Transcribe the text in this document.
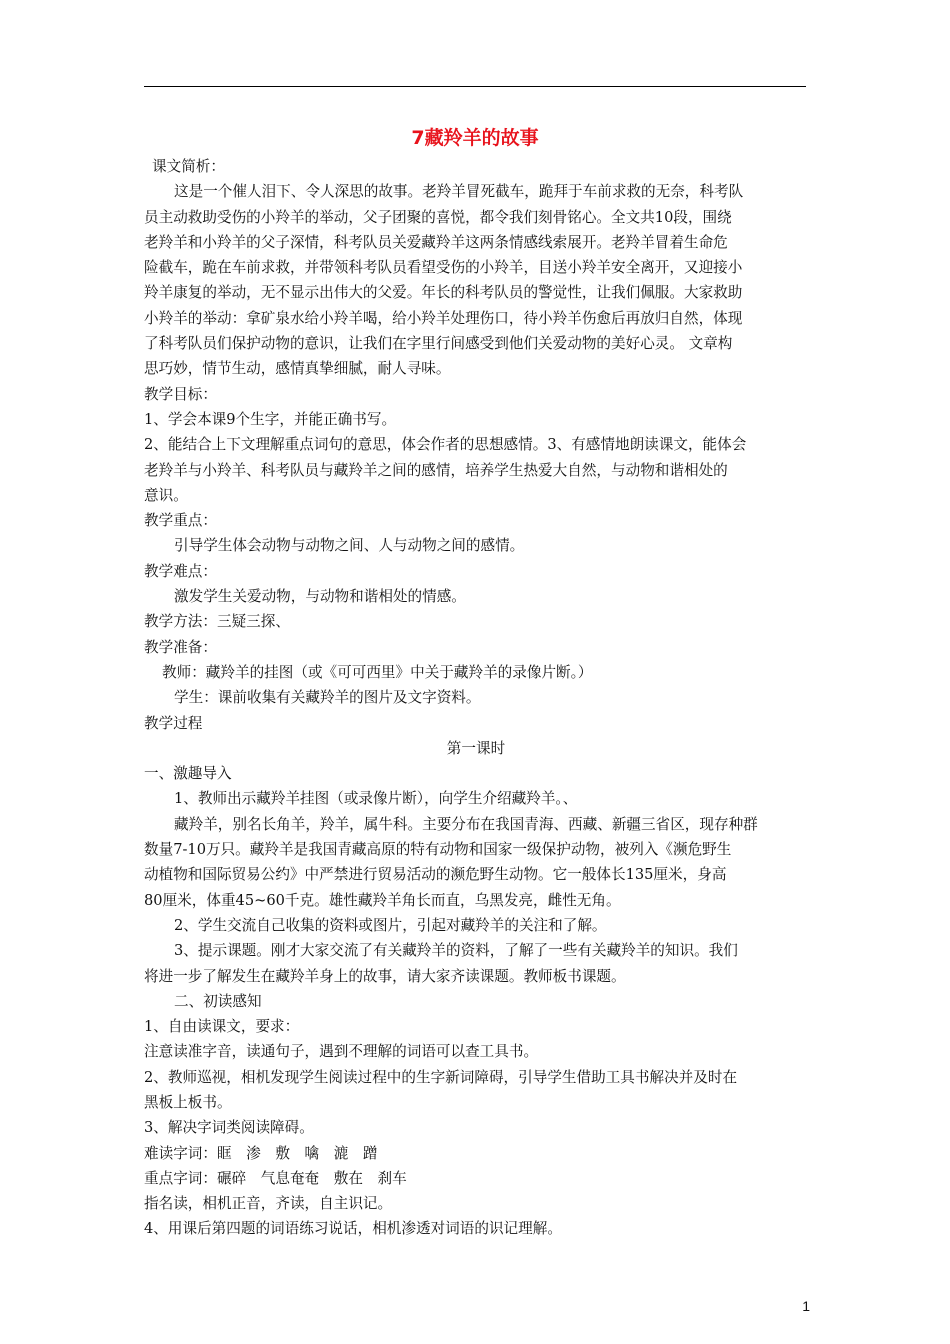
7藏羚羊的故事

课文简析：

这是一个催人泪下、令人深思的故事。老羚羊冒死截车，跪拜于车前求救的无奈，科考队

员主动救助受伤的小羚羊的举动，父子团聚的喜悦，都令我们刻骨铭心。全文共10段，围绕

老羚羊和小羚羊的父子深情，科考队员关爱藏羚羊这两条情感线索展开。老羚羊冒着生命危

险截车，跪在车前求救，并带领科考队员看望受伤的小羚羊，目送小羚羊安全离开，又迎接小

羚羊康复的举动，无不显示出伟大的父爱。年长的科考队员的警觉性，让我们佩服。大家救助

小羚羊的举动：拿矿泉水给小羚羊喝，给小羚羊处理伤口，待小羚羊伤愈后再放归自然，体现

了科考队员们保护动物的意识，让我们在字里行间感受到他们关爱动物的美好心灵。 文章构

思巧妙，情节生动，感情真挚细腻，耐人寻味。

教学目标：

1、学会本课9个生字，并能正确书写。

2、能结合上下文理解重点词句的意思，体会作者的思想感情。3、有感情地朗读课文，能体会

老羚羊与小羚羊、科考队员与藏羚羊之间的感情，培养学生热爱大自然，与动物和谐相处的

意识。

教学重点：

引导学生体会动物与动物之间、人与动物之间的感情。

教学难点：

激发学生关爱动物，与动物和谐相处的情感。

教学方法：三疑三探、

教学准备：

教师：藏羚羊的挂图（或《可可西里》中关于藏羚羊的录像片断。）

学生：课前收集有关藏羚羊的图片及文字资料。

教学过程

第一课时

一、激趣导入

1、教师出示藏羚羊挂图（或录像片断），向学生介绍藏羚羊。、

藏羚羊，别名长角羊，羚羊，属牛科。主要分布在我国青海、西藏、新疆三省区，现存种群

数量7-10万只。藏羚羊是我国青藏高原的特有动物和国家一级保护动物，被列入《濒危野生

动植物和国际贸易公约》中严禁进行贸易活动的濒危野生动物。它一般体长135厘米，身高

80厘米，体重45~60千克。雄性藏羚羊角长而直，乌黑发亮，雌性无角。

2、学生交流自己收集的资料或图片，引起对藏羚羊的关注和了解。

3、提示课题。刚才大家交流了有关藏羚羊的资料，了解了一些有关藏羚羊的知识。我们

将进一步了解发生在藏羚羊身上的故事，请大家齐读课题。教师板书课题。

二、初读感知

1、自由读课文，要求：

注意读准字音，读通句子，遇到不理解的词语可以查工具书。

2、教师巡视，相机发现学生阅读过程中的生字新词障碍，引导学生借助工具书解决并及时在

黑板上板书。

3、解决字词类阅读障碍。

难读字词：眶　渗　敷　噙　漉　蹭

重点字词：碾碎　气息奄奄　敷在　刹车

指名读，相机正音，齐读，自主识记。

4、用课后第四题的词语练习说话，相机渗透对词语的识记理解。

1
